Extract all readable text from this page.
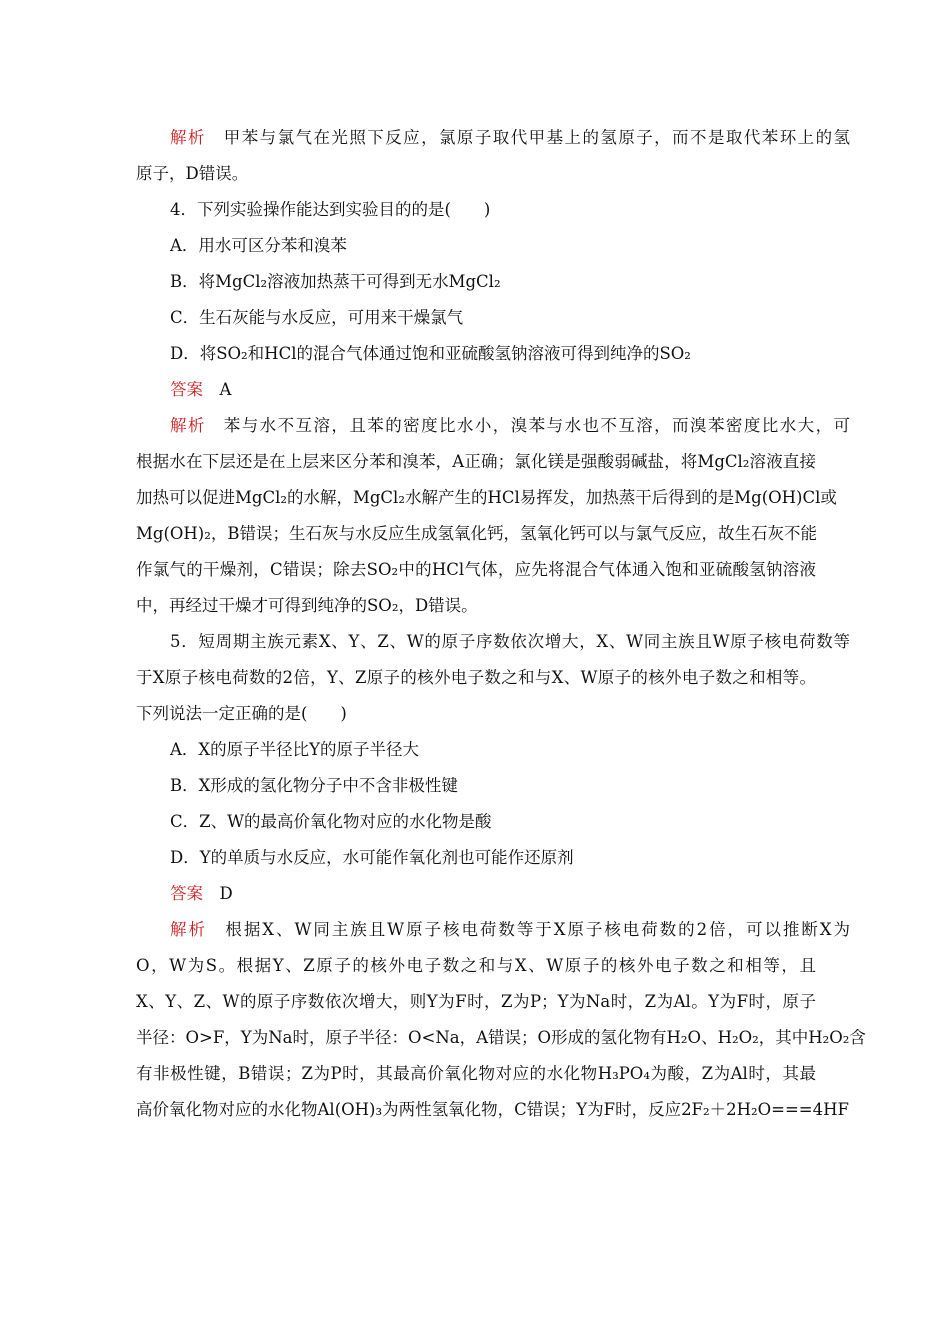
解析　甲苯与氯气在光照下反应，氯原子取代甲基上的氢原子，而不是取代苯环上的氢
原子，D错误。
4．下列实验操作能达到实验目的的是(　　)
A．用水可区分苯和溴苯
B．将MgCl₂溶液加热蒸干可得到无水MgCl₂
C．生石灰能与水反应，可用来干燥氯气
D．将SO₂和HCl的混合气体通过饱和亚硫酸氢钠溶液可得到纯净的SO₂
答案　A
解析　苯与水不互溶，且苯的密度比水小，溴苯与水也不互溶，而溴苯密度比水大，可
根据水在下层还是在上层来区分苯和溴苯，A正确；氯化镁是强酸弱碱盐，将MgCl₂溶液直接
加热可以促进MgCl₂的水解，MgCl₂水解产生的HCl易挥发，加热蒸干后得到的是Mg(OH)Cl或
Mg(OH)₂，B错误；生石灰与水反应生成氢氧化钙，氢氧化钙可以与氯气反应，故生石灰不能
作氯气的干燥剂，C错误；除去SO₂中的HCl气体，应先将混合气体通入饱和亚硫酸氢钠溶液
中，再经过干燥才可得到纯净的SO₂，D错误。
5．短周期主族元素X、Y、Z、W的原子序数依次增大，X、W同主族且W原子核电荷数等
于X原子核电荷数的2倍，Y、Z原子的核外电子数之和与X、W原子的核外电子数之和相等。
下列说法一定正确的是(　　)
A．X的原子半径比Y的原子半径大
B．X形成的氢化物分子中不含非极性键
C．Z、W的最高价氧化物对应的水化物是酸
D．Y的单质与水反应，水可能作氧化剂也可能作还原剂
答案　D
解析　根据X、W同主族且W原子核电荷数等于X原子核电荷数的2倍，可以推断X为
O，W为S。根据Y、Z原子的核外电子数之和与X、W原子的核外电子数之和相等，且
X、Y、Z、W的原子序数依次增大，则Y为F时，Z为P；Y为Na时，Z为Al。Y为F时，原子
半径：O>F，Y为Na时，原子半径：O<Na，A错误；O形成的氢化物有H₂O、H₂O₂，其中H₂O₂含
有非极性键，B错误；Z为P时，其最高价氧化物对应的水化物H₃PO₄为酸，Z为Al时，其最
高价氧化物对应的水化物Al(OH)₃为两性氢氧化物，C错误；Y为F时，反应2F₂＋2H₂O===4HF
